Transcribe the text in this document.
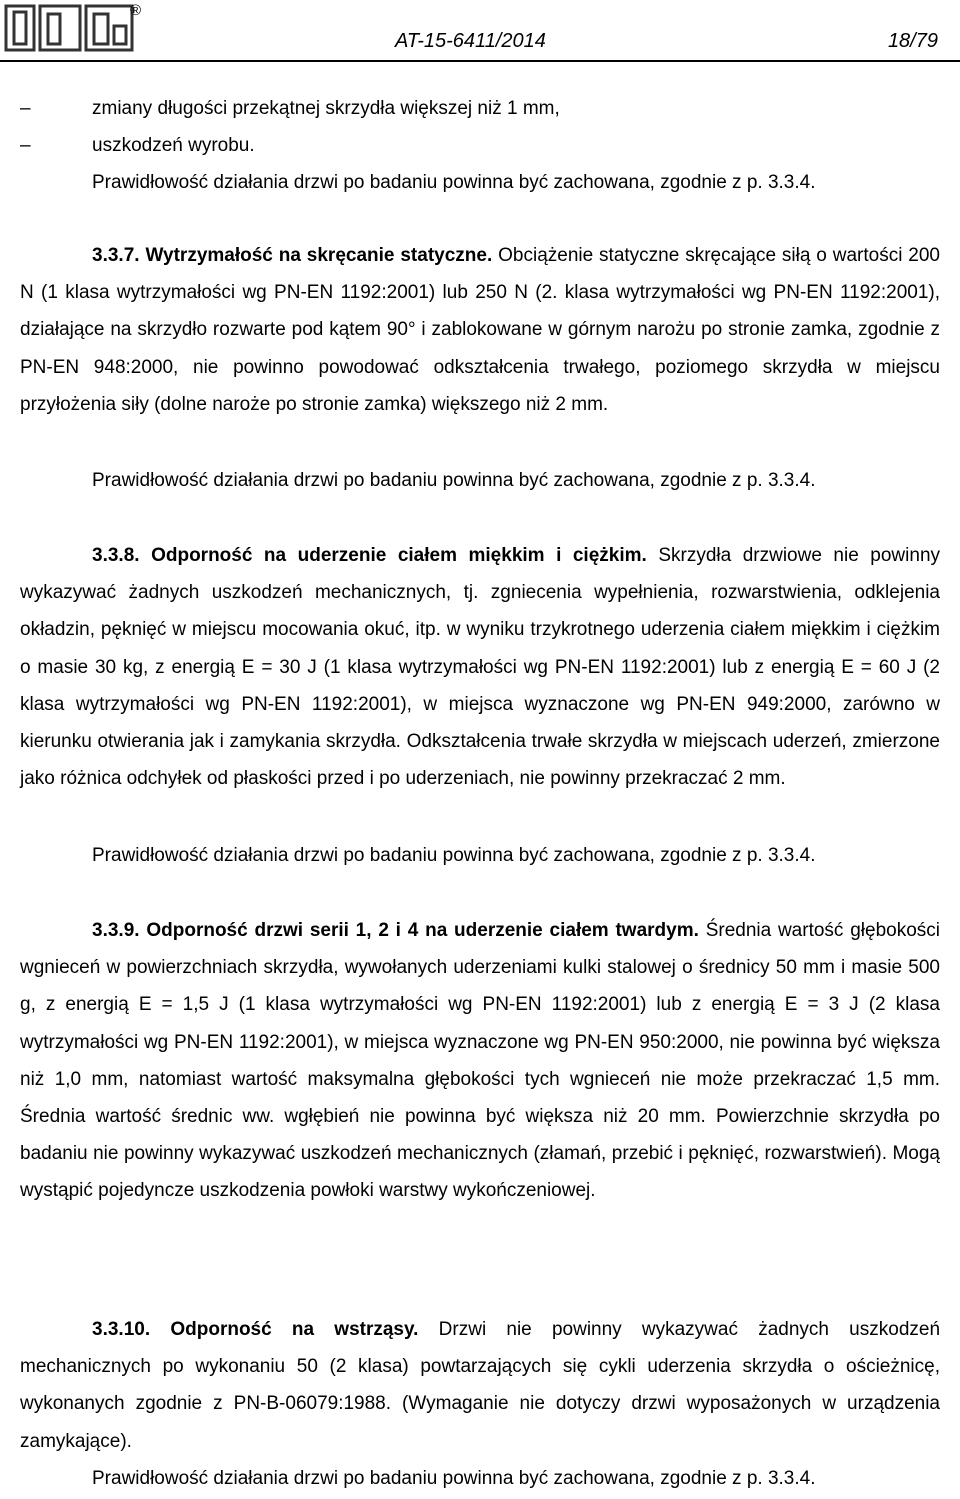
®
AT-15-6411/2014	18/79
–	zmiany długości przekątnej skrzydła większej niż 1 mm,
–	uszkodzeń wyrobu.
Prawidłowość działania drzwi po badaniu powinna być zachowana, zgodnie z p. 3.3.4.
3.3.7. Wytrzymałość na skręcanie statyczne. Obciążenie statyczne skręcające siłą o wartości 200 N (1 klasa wytrzymałości wg PN-EN 1192:2001) lub 250 N (2. klasa wytrzymałości wg PN-EN 1192:2001), działające na skrzydło rozwarte pod kątem 90° i zablokowane w górnym narożu po stronie zamka, zgodnie z PN-EN 948:2000, nie powinno powodować odkształcenia trwałego, poziomego skrzydła w miejscu przyłożenia siły (dolne naroże po stronie zamka) większego niż 2 mm.
Prawidłowość działania drzwi po badaniu powinna być zachowana, zgodnie z p. 3.3.4.
3.3.8. Odporność na uderzenie ciałem miękkim i ciężkim. Skrzydła drzwiowe nie powinny wykazywać żadnych uszkodzeń mechanicznych, tj. zgniecenia wypełnienia, rozwarstwienia, odklejenia okładzin, pęknięć w miejscu mocowania okuć, itp. w wyniku trzykrotnego uderzenia ciałem miękkim i ciężkim o masie 30 kg, z energią E = 30 J (1 klasa wytrzymałości wg PN-EN 1192:2001) lub z energią E = 60 J (2 klasa wytrzymałości wg PN-EN 1192:2001), w miejsca wyznaczone wg PN-EN 949:2000, zarówno w kierunku otwierania jak i zamykania skrzydła. Odkształcenia trwałe skrzydła w miejscach uderzeń, zmierzone jako różnica odchyłek od płaskości przed i po uderzeniach, nie powinny przekraczać 2 mm.
Prawidłowość działania drzwi po badaniu powinna być zachowana, zgodnie z p. 3.3.4.
3.3.9. Odporność drzwi serii 1, 2 i 4 na uderzenie ciałem twardym. Średnia wartość głębokości wgnieceń w powierzchniach skrzydła, wywołanych uderzeniami kulki stalowej o średnicy 50 mm i masie 500 g, z energią E = 1,5 J (1 klasa wytrzymałości wg PN-EN 1192:2001) lub z energią E = 3 J (2 klasa wytrzymałości wg PN-EN 1192:2001), w miejsca wyznaczone wg PN-EN 950:2000, nie powinna być większa niż 1,0 mm, natomiast wartość maksymalna głębokości tych wgnieceń nie może przekraczać 1,5 mm. Średnia wartość średnic ww. wgłębień nie powinna być większa niż 20 mm. Powierzchnie skrzydła po badaniu nie powinny wykazywać uszkodzeń mechanicznych (złamań, przebić i pęknięć, rozwarstwień). Mogą wystąpić pojedyncze uszkodzenia powłoki warstwy wykończeniowej.
3.3.10. Odporność na wstrząsy. Drzwi nie powinny wykazywać żadnych uszkodzeń mechanicznych po wykonaniu 50 (2 klasa) powtarzających się cykli uderzenia skrzydła o ościeżnicę, wykonanych zgodnie z PN-B-06079:1988. (Wymaganie nie dotyczy drzwi wyposażonych w urządzenia zamykające).
Prawidłowość działania drzwi po badaniu powinna być zachowana, zgodnie z p. 3.3.4.
